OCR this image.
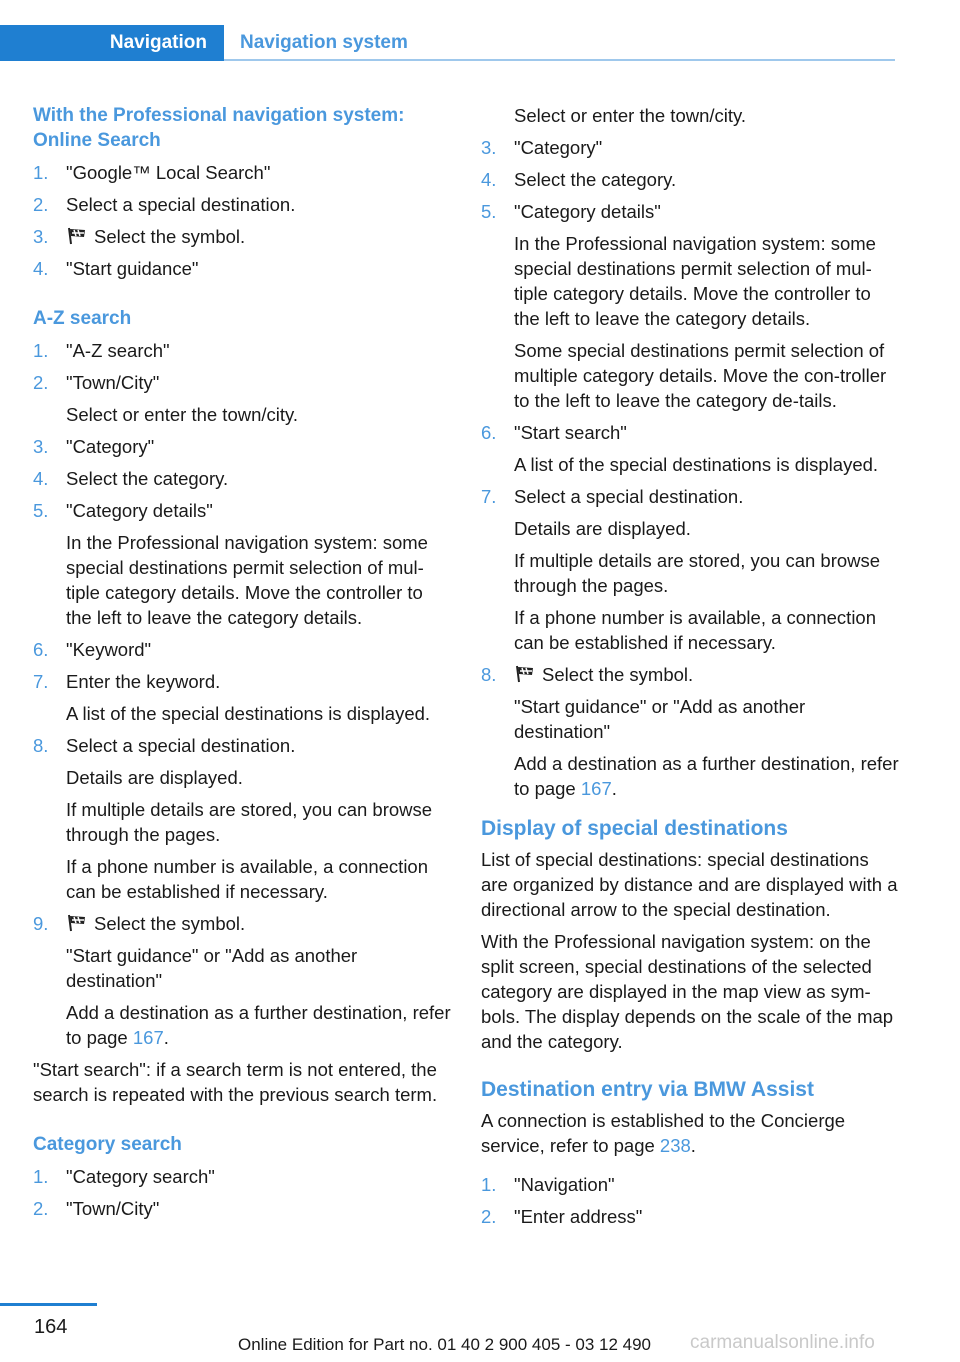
Navigation	Navigation system
With the Professional navigation system: Online Search
1. "Google™ Local Search"
2. Select a special destination.
3. Select the symbol.
4. "Start guidance"
A-Z search
1. "A-Z search"
2. "Town/City"
Select or enter the town/city.
3. "Category"
4. Select the category.
5. "Category details"
In the Professional navigation system: some special destinations permit selection of mul‐tiple category details. Move the controller to the left to leave the category details.
6. "Keyword"
7. Enter the keyword.
A list of the special destinations is displayed.
8. Select a special destination.
Details are displayed.
If multiple details are stored, you can browse through the pages.
If a phone number is available, a connection can be established if necessary.
9. Select the symbol.
"Start guidance" or "Add as another destination"
Add a destination as a further destination, refer to page 167.
"Start search": if a search term is not entered, the search is repeated with the previous search term.
Category search
1. "Category search"
2. "Town/City"
Select or enter the town/city.
3. "Category"
4. Select the category.
5. "Category details"
In the Professional navigation system: some special destinations permit selection of mul‐tiple category details. Move the controller to the left to leave the category details.
Some special destinations permit selection of multiple category details. Move the con‐troller to the left to leave the category de‐tails.
6. "Start search"
A list of the special destinations is displayed.
7. Select a special destination.
Details are displayed.
If multiple details are stored, you can browse through the pages.
If a phone number is available, a connection can be established if necessary.
8. Select the symbol.
"Start guidance" or "Add as another destination"
Add a destination as a further destination, refer to page 167.
Display of special destinations
List of special destinations: special destinations are organized by distance and are displayed with a directional arrow to the special destination.
With the Professional navigation system: on the split screen, special destinations of the selected category are displayed in the map view as sym‐bols. The display depends on the scale of the map and the category.
Destination entry via BMW Assist
A connection is established to the Concierge service, refer to page 238.
1. "Navigation"
2. "Enter address"
164
Online Edition for Part no. 01 40 2 900 405 - 03 12 490 carmanualsonline.info
